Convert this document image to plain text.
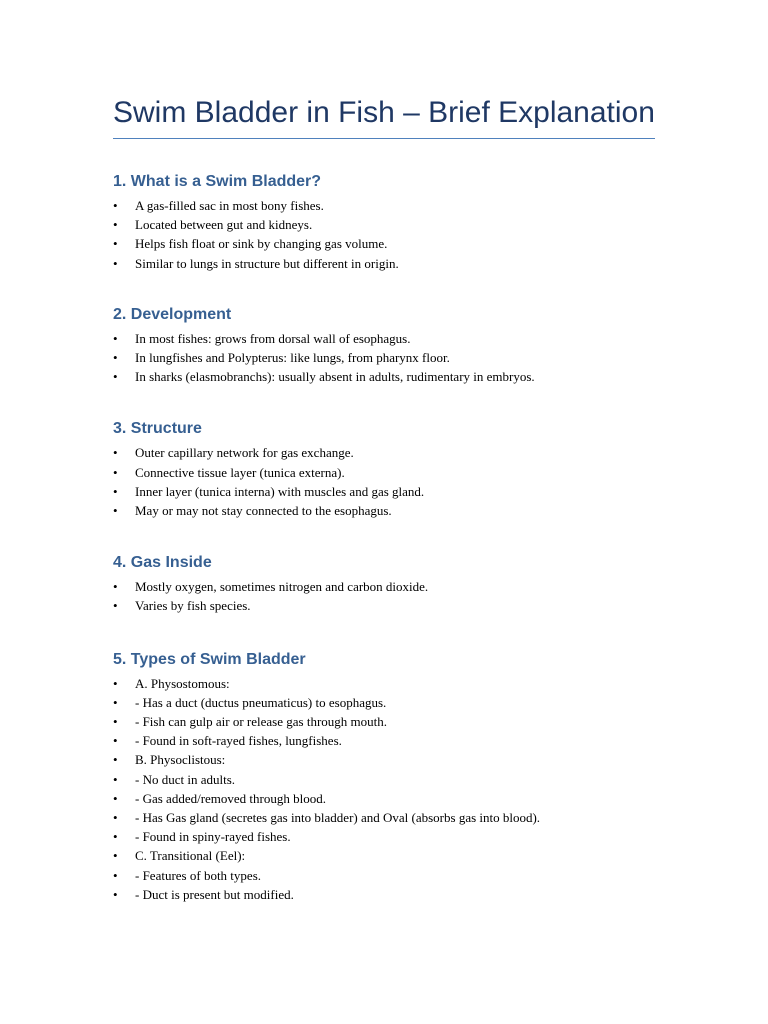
Swim Bladder in Fish – Brief Explanation
1. What is a Swim Bladder?
• A gas-filled sac in most bony fishes.
• Located between gut and kidneys.
• Helps fish float or sink by changing gas volume.
• Similar to lungs in structure but different in origin.
2. Development
• In most fishes: grows from dorsal wall of esophagus.
• In lungfishes and Polypterus: like lungs, from pharynx floor.
• In sharks (elasmobranchs): usually absent in adults, rudimentary in embryos.
3. Structure
• Outer capillary network for gas exchange.
• Connective tissue layer (tunica externa).
• Inner layer (tunica interna) with muscles and gas gland.
• May or may not stay connected to the esophagus.
4. Gas Inside
• Mostly oxygen, sometimes nitrogen and carbon dioxide.
• Varies by fish species.
5. Types of Swim Bladder
• A. Physostomous:
• - Has a duct (ductus pneumaticus) to esophagus.
• - Fish can gulp air or release gas through mouth.
• - Found in soft-rayed fishes, lungfishes.
• B. Physoclistous:
• - No duct in adults.
• - Gas added/removed through blood.
• - Has Gas gland (secretes gas into bladder) and Oval (absorbs gas into blood).
• - Found in spiny-rayed fishes.
• C. Transitional (Eel):
• - Features of both types.
• - Duct is present but modified.
